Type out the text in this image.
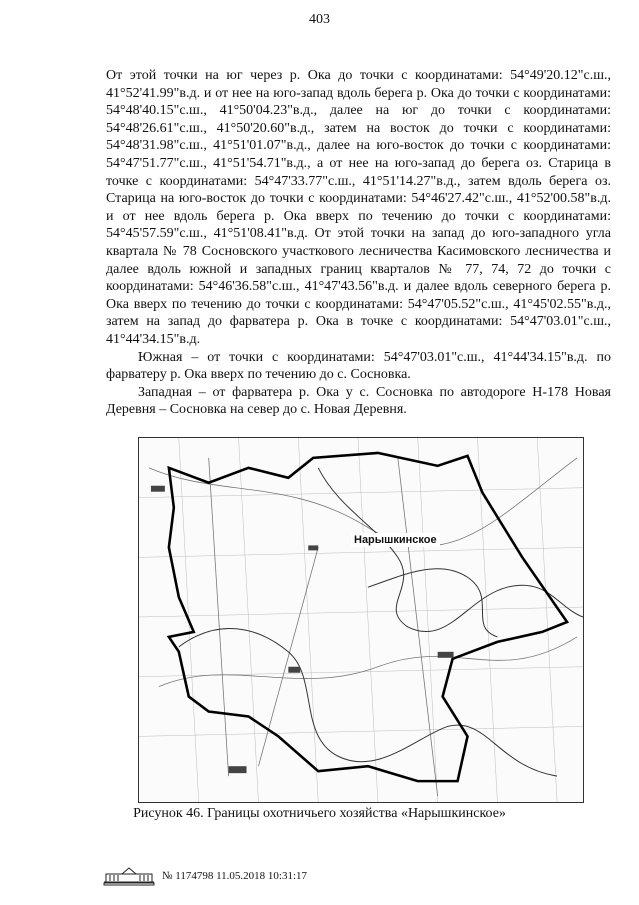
403

От этой точки на юг через р. Ока до точки с координатами: 54°49'20.12"с.ш., 41°52'41.99"в.д. и от нее на юго-запад вдоль берега р. Ока до точки с координатами: 54°48'40.15"с.ш., 41°50'04.23"в.д., далее на юг до точки с координатами: 54°48'26.61"с.ш., 41°50'20.60"в.д., затем на восток до точки с координатами: 54°48'31.98"с.ш., 41°51'01.07"в.д., далее на юго-восток до точки с координатами: 54°47'51.77"с.ш., 41°51'54.71"в.д., а от нее на юго-запад до берега оз. Старица в точке с координатами: 54°47'33.77"с.ш., 41°51'14.27"в.д., затем вдоль берега оз. Старица на юго-восток до точки с координатами: 54°46'27.42"с.ш., 41°52'00.58"в.д. и от нее вдоль берега р. Ока вверх по течению до точки с координатами: 54°45'57.59"с.ш., 41°51'08.41"в.д. От этой точки на запад до юго-западного угла квартала № 78 Сосновского участкового лесничества Касимовского лесничества и далее вдоль южной и западных границ кварталов № 77, 74, 72 до точки с координатами: 54°46'36.58"с.ш., 41°47'43.56"в.д. и далее вдоль северного берега р. Ока вверх по течению до точки с координатами: 54°47'05.52"с.ш., 41°45'02.55"в.д., затем на запад до фарватера р. Ока в точке с координатами: 54°47'03.01"с.ш., 41°44'34.15"в.д.

Южная – от точки с координатами: 54°47'03.01"с.ш., 41°44'34.15"в.д. по фарватеру р. Ока вверх по течению до с. Сосновка.

Западная – от фарватера р. Ока у с. Сосновка по автодороге Н-178 Новая Деревня – Сосновка на север до с. Новая Деревня.

Нарышкинское
Рисунок 46. Границы охотничьего хозяйства «Нарышкинское»
№ 1174798 11.05.2018 10:31:17
